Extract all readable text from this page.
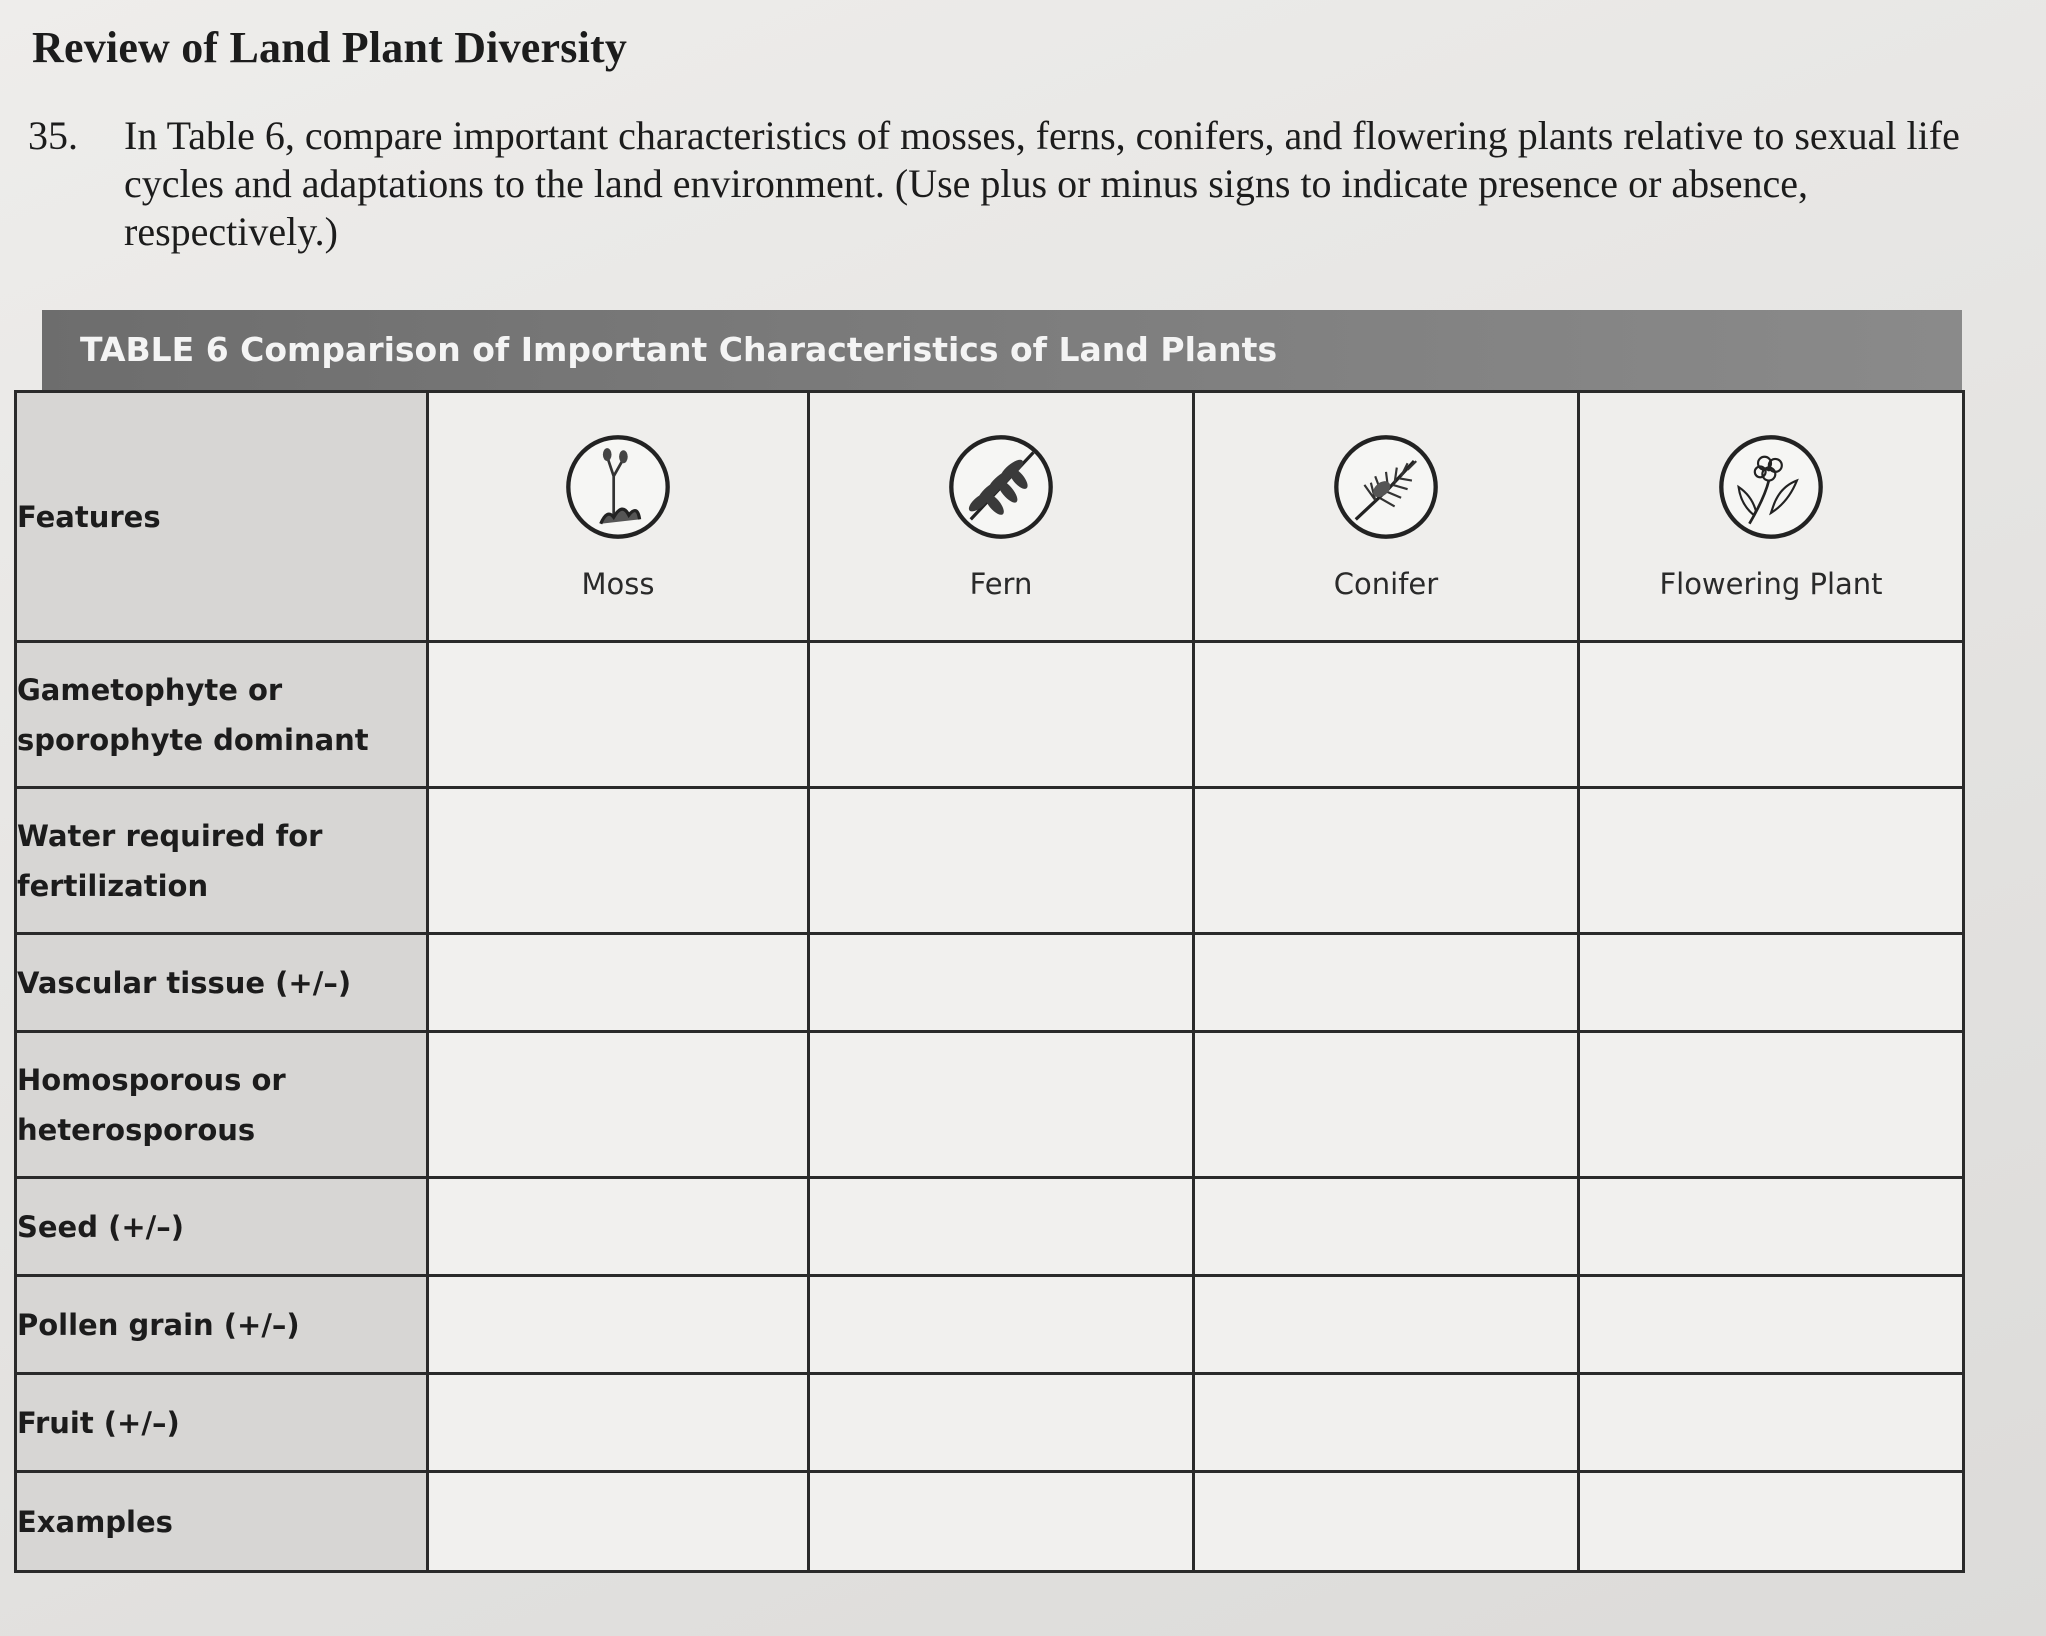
Review of Land Plant Diversity
35. In Table 6, compare important characteristics of mosses, ferns, conifers, and flowering plants relative to sexual life cycles and adaptations to the land environment. (Use plus or minus signs to indicate presence or absence, respectively.)
TABLE 6 Comparison of Important Characteristics of Land Plants
Features	Moss	Fern	Conifer	Flowering Plant
Gametophyte or sporophyte dominant				
Water required for fertilization				
Vascular tissue (+/–)				
Homosporous or heterosporous				
Seed (+/–)				
Pollen grain (+/–)				
Fruit (+/–)				
Examples				
